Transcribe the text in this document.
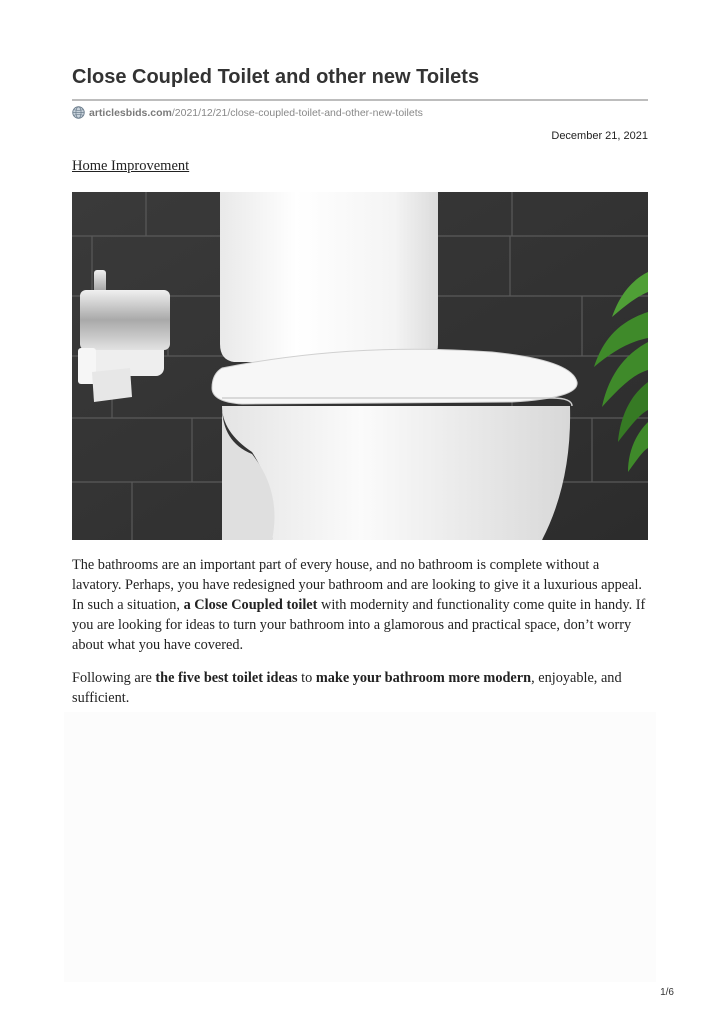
Close Coupled Toilet and other new Toilets
articlesbids.com /2021/12/21/close-coupled-toilet-and-other-new-toilets
December 21, 2021
Home Improvement

The bathrooms are an important part of every house, and no bathroom is complete without a lavatory. Perhaps, you have redesigned your bathroom and are looking to give it a luxurious appeal. In such a situation, a Close Coupled toilet with modernity and functionality come quite in handy. If you are looking for ideas to turn your bathroom into a glamorous and practical space, don’t worry about what you have covered.

Following are the five best toilet ideas to make your bathroom more modern, enjoyable, and sufficient.

1/6
